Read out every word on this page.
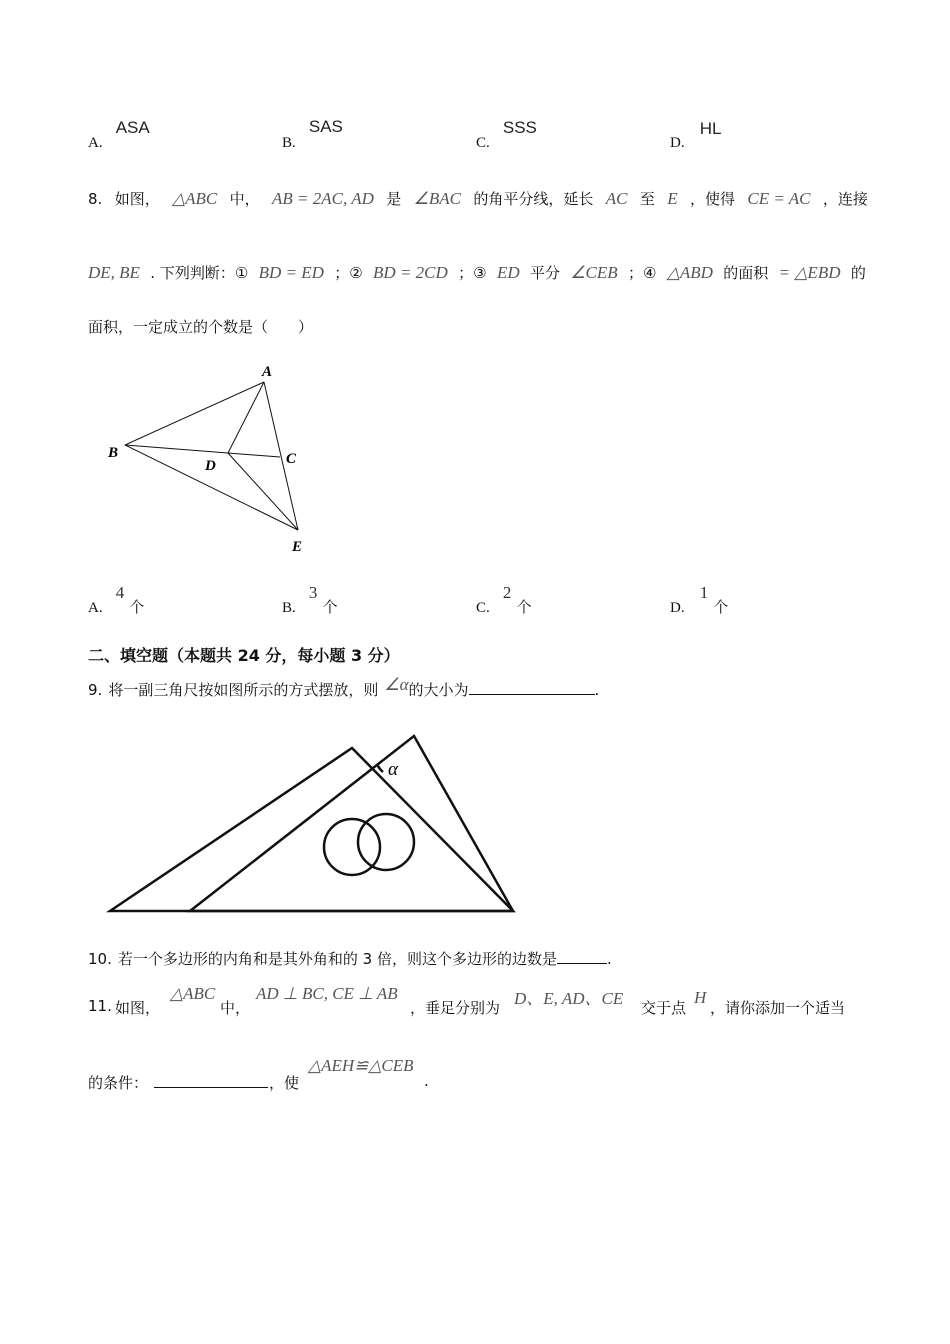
A. ASA
B. SAS
C. SSS
D. HL
8. 如图， △ABC 中， AB = 2AC, AD 是 ∠BAC 的角平分线，延长 AC 至 E ，使得 CE = AC ，连接
DE, BE . 下列判断：① BD = ED ；② BD = 2CD ；③ ED 平分 ∠CEB ；④ △ABD 的面积 = △EBD 的
面积，一定成立的个数是（　　）
A
B	C
D
E
A. 4 个	B. 3 个	C. 2 个	D. 1 个
二、填空题（本题共 24 分，每小题 3 分）
9. 将一副三角尺按如图所示的方式摆放，则 ∠α 的大小为	.
α
10. 若一个多边形的内角和是其外角和的 3 倍，则这个多边形的边数是	.
11. 如图，
△ABC
中，
AD ⊥ BC, CE ⊥ AB
，垂足分别为 D、E, AD、CE 交于点
H
，请你添加一个适当
的条件：	，使
△AEH≌△CEB
.
